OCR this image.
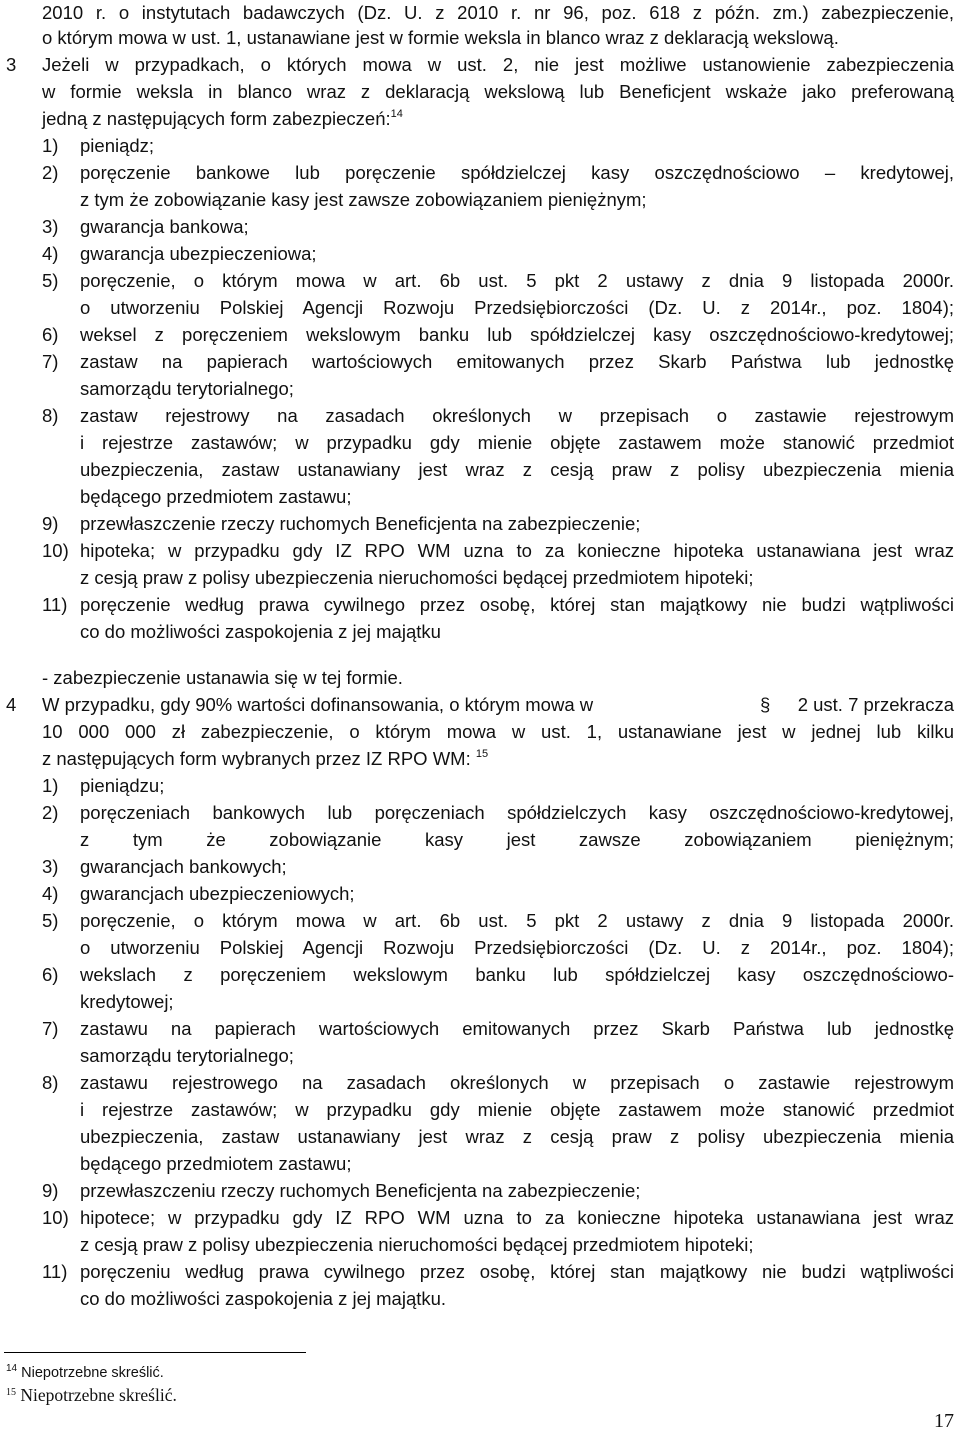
2010 r. o instytutach badawczych (Dz. U. z 2010 r. nr 96, poz. 618 z późn. zm.) zabezpieczenie,
o którym mowa w ust. 1, ustanawiane jest w formie weksla in blanco wraz z deklaracją wekslową.
3 Jeżeli w przypadkach, o których mowa w ust. 2, nie jest możliwe ustanowienie zabezpieczenia
w formie weksla in blanco wraz z deklaracją wekslową lub Beneficjent wskaże jako preferowaną
jedną z następujących form zabezpieczeń:$^{14}$
1) pieniądz;
2) poręczenie bankowe lub poręczenie spółdzielczej kasy oszczędnościowo – kredytowej,
z tym że zobowiązanie kasy jest zawsze zobowiązaniem pieniężnym;
3) gwarancja bankowa;
4) gwarancja ubezpieczeniowa;
5) poręczenie, o którym mowa w art. 6b ust. 5 pkt 2 ustawy z dnia 9 listopada 2000r.
o utworzeniu Polskiej Agencji Rozwoju Przedsiębiorczości (Dz. U. z 2014r., poz. 1804);
6) weksel z poręczeniem wekslowym banku lub spółdzielczej kasy oszczędnościowo-kredytowej;
7) zastaw na papierach wartościowych emitowanych przez Skarb Państwa lub jednostkę
samorządu terytorialnego;
8) zastaw rejestrowy na zasadach określonych w przepisach o zastawie rejestrowym
i rejestrze zastawów; w przypadku gdy mienie objęte zastawem może stanowić przedmiot
ubezpieczenia, zastaw ustanawiany jest wraz z cesją praw z polisy ubezpieczenia mienia
będącego przedmiotem zastawu;
9) przewłaszczenie rzeczy ruchomych Beneficjenta na zabezpieczenie;
10) hipoteka; w przypadku gdy IZ RPO WM uzna to za konieczne hipoteka ustanawiana jest wraz
z cesją praw z polisy ubezpieczenia nieruchomości będącej przedmiotem hipoteki;
11) poręczenie według prawa cywilnego przez osobę, której stan majątkowy nie budzi wątpliwości
co do możliwości zaspokojenia z jej majątku
- zabezpieczenie ustanawia się w tej formie.
4 W przypadku, gdy 90% wartości dofinansowania, o którym mowa w	§ 2 ust. 7 przekracza
10 000 000 zł zabezpieczenie, o którym mowa w ust. 1, ustanawiane jest w jednej lub kilku
z następujących form wybranych przez IZ RPO WM: $^{15}$
1) pieniądzu;
2) poręczeniach bankowych lub poręczeniach spółdzielczych kasy oszczędnościowo-kredytowej,
z tym że zobowiązanie kasy jest zawsze zobowiązaniem pieniężnym;
3) gwarancjach bankowych;
4) gwarancjach ubezpieczeniowych;
5) poręczenie, o którym mowa w art. 6b ust. 5 pkt 2 ustawy z dnia 9 listopada 2000r.
o utworzeniu Polskiej Agencji Rozwoju Przedsiębiorczości (Dz. U. z 2014r., poz. 1804);
6) wekslach z poręczeniem wekslowym banku lub spółdzielczej kasy oszczędnościowo-
kredytowej;
7) zastawu na papierach wartościowych emitowanych przez Skarb Państwa lub jednostkę
samorządu terytorialnego;
8) zastawu rejestrowego na zasadach określonych w przepisach o zastawie rejestrowym
i rejestrze zastawów; w przypadku gdy mienie objęte zastawem może stanowić przedmiot
ubezpieczenia, zastaw ustanawiany jest wraz z cesją praw z polisy ubezpieczenia mienia
będącego przedmiotem zastawu;
9) przewłaszczeniu rzeczy ruchomych Beneficjenta na zabezpieczenie;
10) hipotece; w przypadku gdy IZ RPO WM uzna to za konieczne hipoteka ustanawiana jest wraz
z cesją praw z polisy ubezpieczenia nieruchomości będącej przedmiotem hipoteki;
11) poręczeniu według prawa cywilnego przez osobę, której stan majątkowy nie budzi wątpliwości
co do możliwości zaspokojenia z jej majątku.
$^{14}$ Niepotrzebne skreślić.
$^{15}$ Niepotrzebne skreślić.
17
